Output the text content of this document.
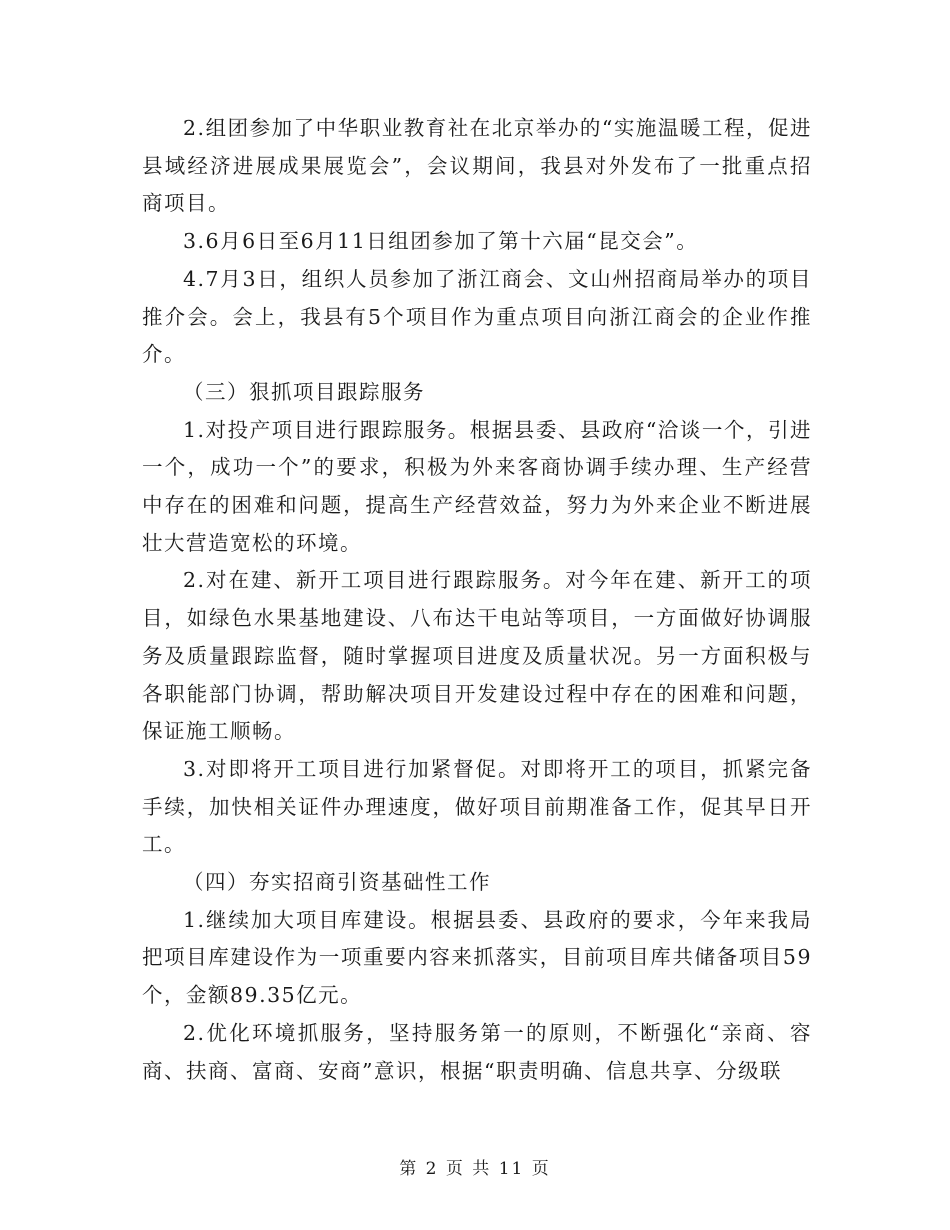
2.组团参加了中华职业教育社在北京举办的“实施温暖工程，促进县域经济进展成果展览会”，会议期间，我县对外发布了一批重点招商项目。

3.6月6日至6月11日组团参加了第十六届“昆交会”。

4.7月3日，组织人员参加了浙江商会、文山州招商局举办的项目推介会。会上，我县有5个项目作为重点项目向浙江商会的企业作推介。

（三）狠抓项目跟踪服务

1.对投产项目进行跟踪服务。根据县委、县政府“洽谈一个，引进一个，成功一个”的要求，积极为外来客商协调手续办理、生产经营中存在的困难和问题，提高生产经营效益，努力为外来企业不断进展壮大营造宽松的环境。

2.对在建、新开工项目进行跟踪服务。对今年在建、新开工的项目，如绿色水果基地建设、八布达干电站等项目，一方面做好协调服务及质量跟踪监督，随时掌握项目进度及质量状况。另一方面积极与各职能部门协调，帮助解决项目开发建设过程中存在的困难和问题，保证施工顺畅。

3.对即将开工项目进行加紧督促。对即将开工的项目，抓紧完备手续，加快相关证件办理速度，做好项目前期准备工作，促其早日开工。

（四）夯实招商引资基础性工作

1.继续加大项目库建设。根据县委、县政府的要求，今年来我局把项目库建设作为一项重要内容来抓落实，目前项目库共储备项目59个，金额89.35亿元。

2.优化环境抓服务，坚持服务第一的原则，不断强化“亲商、容商、扶商、富商、安商”意识，根据“职责明确、信息共享、分级联

第 2 页 共 11 页
